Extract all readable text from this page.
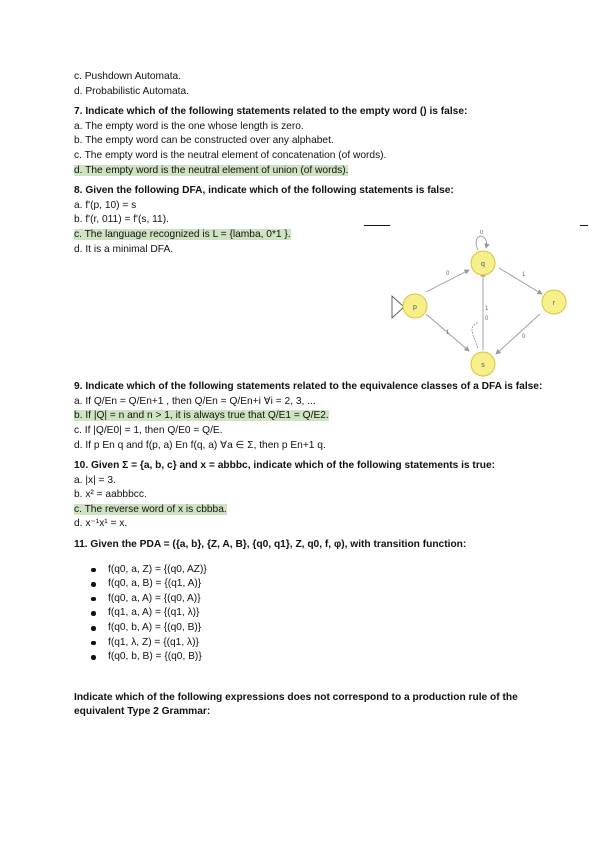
c. Pushdown Automata.
d. Probabilistic Automata.
7. Indicate which of the following statements related to the empty word () is false:
a. The empty word is the one whose length is zero.
b. The empty word can be constructed over any alphabet.
c. The empty word is the neutral element of concatenation (of words).
d. The empty word is the neutral element of union (of words).
8. Given the following DFA, indicate which of the following statements is false:
a. f'(p, 10) = s
b. f'(r, 011) = f'(s, 11).
c. The language recognized is L = {lamba, 0*1 }.
d. It is a minimal DFA.
9. Indicate which of the following statements related to the equivalence classes of a DFA is false:
a. If Q/En = Q/En+1 , then Q/En = Q/En+i ∀i = 2, 3, ...
b. If |Q| = n and n > 1, it is always true that Q/E1 = Q/E2.
c. If |Q/E0| = 1, then Q/E0 = Q/E.
d. If p En q and f(p, a) En f(q, a) ∀a ∈ Σ, then p En+1 q.
10. Given Σ = {a, b, c} and x = abbbc, indicate which of the following statements is true:
a. |x| = 3.
b. x² = aabbbcc.
c. The reverse word of x is cbbba.
d. x⁻¹x¹ = x.
11. Given the PDA = ({a, b}, {Z, A, B}, {q0, q1}, Z, q0, f, φ), with transition function:
f(q0, a, Z) = {(q0, AZ)}
f(q0, a, B) = {(q1, A)}
f(q0, a, A) = {(q0, A)}
f(q1, a, A) = {(q1, λ)}
f(q0, b, A) = {(q0, B)}
f(q1, λ, Z) = {(q1, λ)}
f(q0, b, B) = {(q0, B)}
Indicate which of the following expressions does not correspond to a production rule of the equivalent Type 2 Grammar:
0
1
0
1
0
1
0
p
q
r
s
